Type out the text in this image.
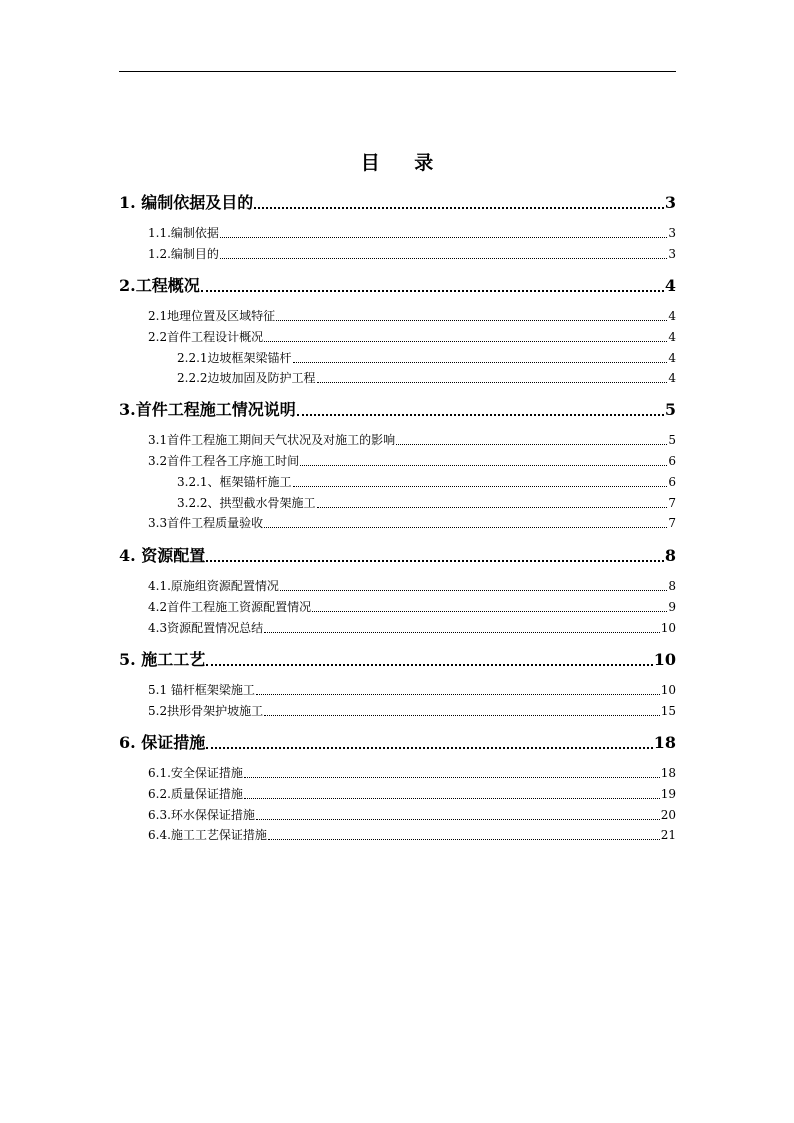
目 录
1. 编制依据及目的	3
1.1.编制依据	3
1.2.编制目的	3
2.工程概况	4
2.1地理位置及区域特征	4
2.2首件工程设计概况	4
2.2.1边坡框架梁锚杆	4
2.2.2边坡加固及防护工程	4
3.首件工程施工情况说明	5
3.1首件工程施工期间天气状况及对施工的影响	5
3.2首件工程各工序施工时间	6
3.2.1、框架锚杆施工	6
3.2.2、拱型截水骨架施工	7
3.3首件工程质量验收	7
4. 资源配置	8
4.1.原施组资源配置情况	8
4.2首件工程施工资源配置情况	9
4.3资源配置情况总结	10
5. 施工工艺	10
5.1 锚杆框架梁施工	10
5.2拱形骨架护坡施工	15
6. 保证措施	18
6.1.安全保证措施	18
6.2.质量保证措施	19
6.3.环水保保证措施	20
6.4.施工工艺保证措施	21
